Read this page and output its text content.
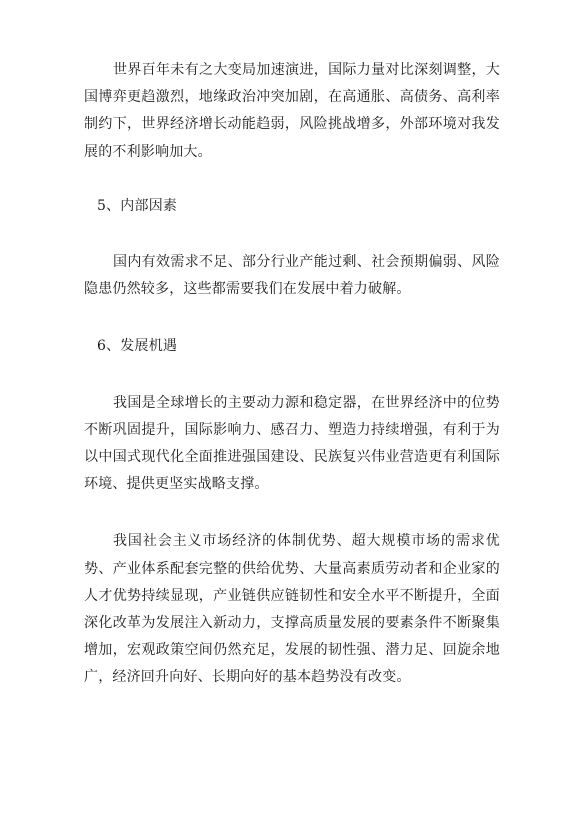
世界百年未有之大变局加速演进，国际力量对比深刻调整，大国博弈更趋激烈，地缘政治冲突加剧，在高通胀、高债务、高利率制约下，世界经济增长动能趋弱，风险挑战增多，外部环境对我发展的不利影响加大。

5、内部因素

国内有效需求不足、部分行业产能过剩、社会预期偏弱、风险隐患仍然较多，这些都需要我们在发展中着力破解。

6、发展机遇

我国是全球增长的主要动力源和稳定器，在世界经济中的位势不断巩固提升，国际影响力、感召力、塑造力持续增强，有利于为以中国式现代化全面推进强国建设、民族复兴伟业营造更有利国际环境、提供更坚实战略支撑。

我国社会主义市场经济的体制优势、超大规模市场的需求优势、产业体系配套完整的供给优势、大量高素质劳动者和企业家的人才优势持续显现，产业链供应链韧性和安全水平不断提升，全面深化改革为发展注入新动力，支撑高质量发展的要素条件不断聚集增加，宏观政策空间仍然充足，发展的韧性强、潜力足、回旋余地广，经济回升向好、长期向好的基本趋势没有改变。
